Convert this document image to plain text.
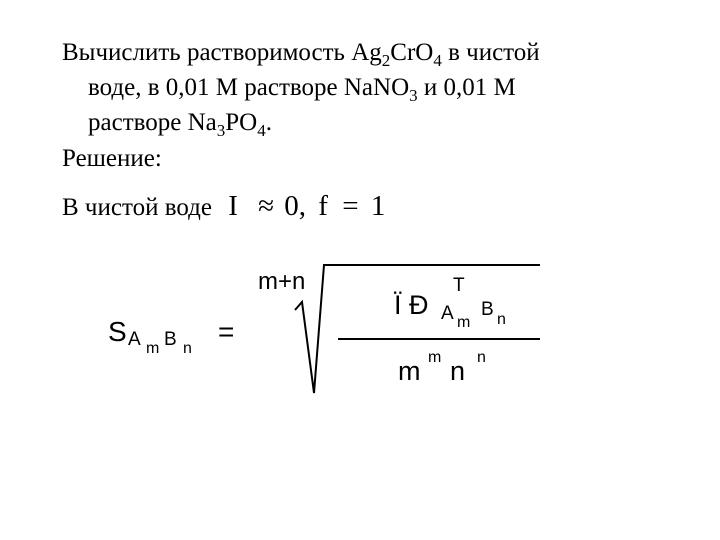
Вычислить растворимость $Ag_2CrO_4$ в чистой
воде, в 0,01 М растворе NaNO$_3$ и 0,01 М
растворе $Na_3PO_4$.
Решение:
В чистой воде I ≈ 0, f = 1
S A m B n
=
m+n
Ï Ð
T
A m
B n
m m n n
